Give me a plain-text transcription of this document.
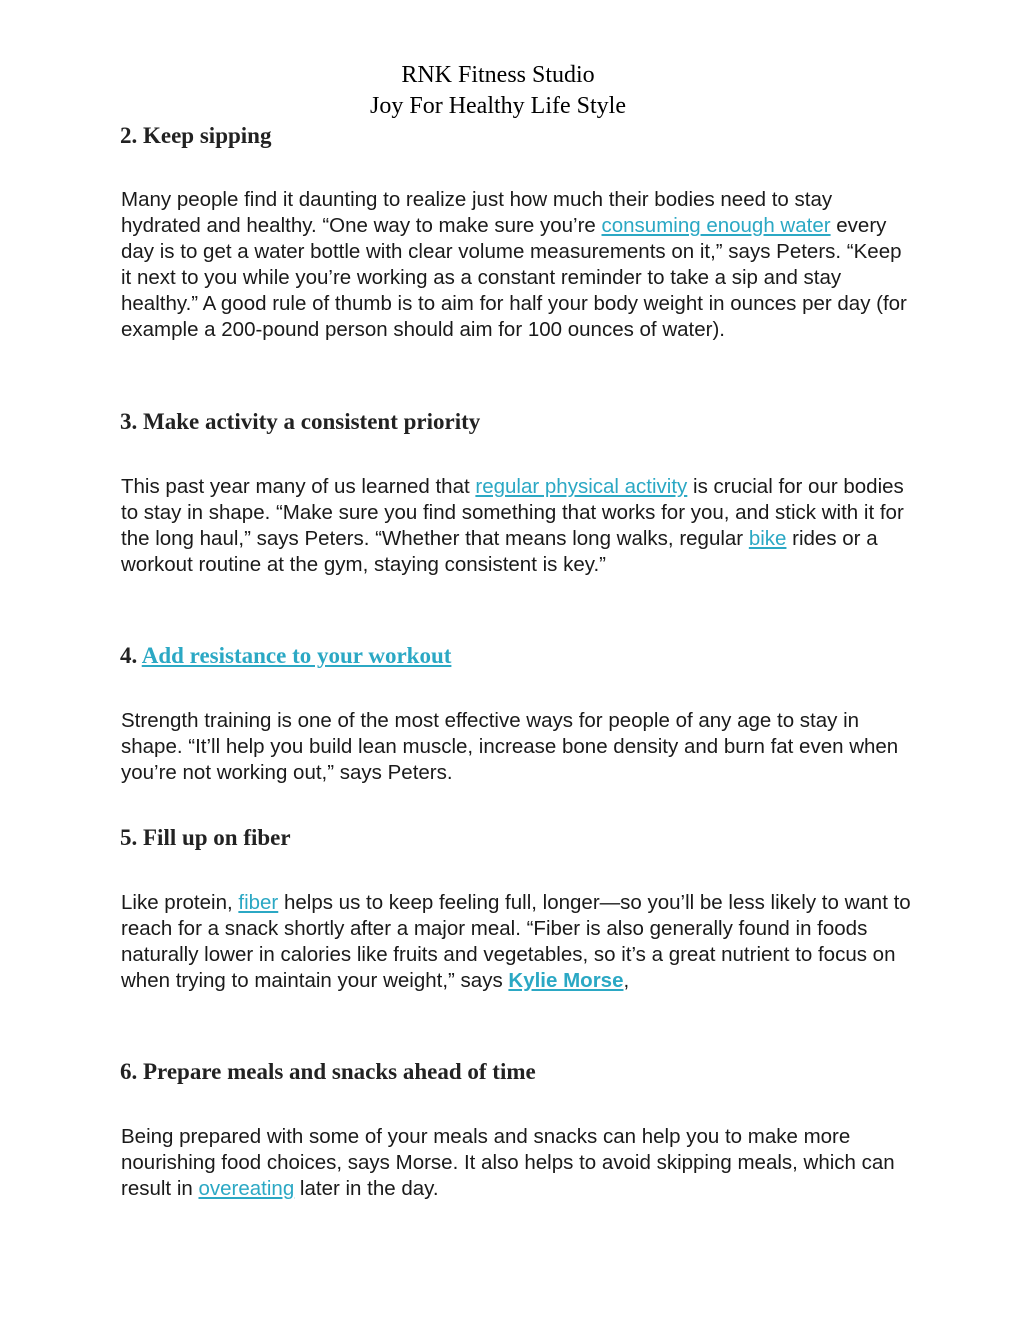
RNK Fitness Studio
Joy For Healthy Life Style
2. Keep sipping
Many people find it daunting to realize just how much their bodies need to stay hydrated and healthy. “One way to make sure you’re consuming enough water every day is to get a water bottle with clear volume measurements on it,” says Peters. “Keep it next to you while you’re working as a constant reminder to take a sip and stay healthy.” A good rule of thumb is to aim for half your body weight in ounces per day (for example a 200-pound person should aim for 100 ounces of water).
3. Make activity a consistent priority
This past year many of us learned that regular physical activity is crucial for our bodies to stay in shape. “Make sure you find something that works for you, and stick with it for the long haul,” says Peters. “Whether that means long walks, regular bike rides or a workout routine at the gym, staying consistent is key.”
4. Add resistance to your workout
Strength training is one of the most effective ways for people of any age to stay in shape. “It’ll help you build lean muscle, increase bone density and burn fat even when you’re not working out,” says Peters.
5. Fill up on fiber
Like protein, fiber helps us to keep feeling full, longer—so you’ll be less likely to want to reach for a snack shortly after a major meal. “Fiber is also generally found in foods naturally lower in calories like fruits and vegetables, so it’s a great nutrient to focus on when trying to maintain your weight,” says Kylie Morse,
6. Prepare meals and snacks ahead of time
Being prepared with some of your meals and snacks can help you to make more nourishing food choices, says Morse. It also helps to avoid skipping meals, which can result in overeating later in the day.
